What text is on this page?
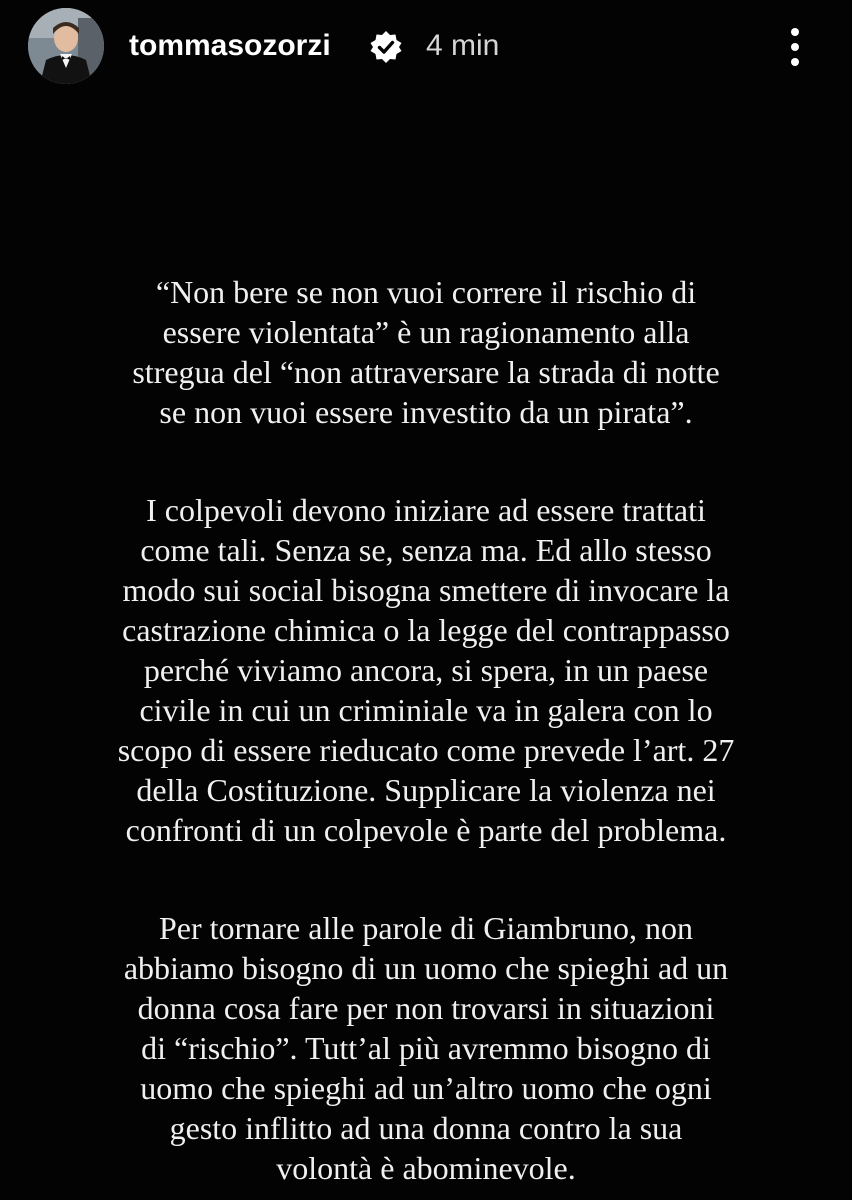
tommasozorzi	4 min

“Non bere se non vuoi correre il rischio di
essere violentata” è un ragionamento alla
stregua del “non attraversare la strada di notte
se non vuoi essere investito da un pirata”.

I colpevoli devono iniziare ad essere trattati
come tali. Senza se, senza ma. Ed allo stesso
modo sui social bisogna smettere di invocare la
castrazione chimica o la legge del contrappasso
perché viviamo ancora, si spera, in un paese
civile in cui un criminiale va in galera con lo
scopo di essere rieducato come prevede l’art. 27
della Costituzione. Supplicare la violenza nei
confronti di un colpevole è parte del problema.

Per tornare alle parole di Giambruno, non
abbiamo bisogno di un uomo che spieghi ad un
donna cosa fare per non trovarsi in situazioni
di “rischio”. Tutt’al più avremmo bisogno di
uomo che spieghi ad un’altro uomo che ogni
gesto inflitto ad una donna contro la sua
volontà è abominevole.
